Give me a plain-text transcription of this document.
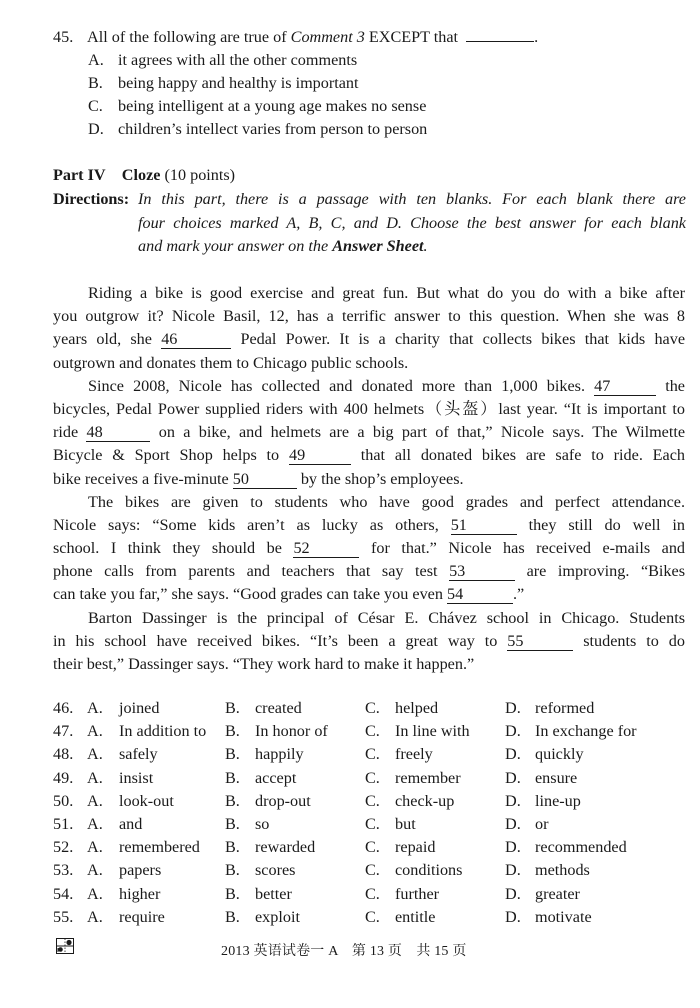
45. All of the following are true of Comment 3 EXCEPT that	.
A. it agrees with all the other comments
B. being happy and healthy is important
C. being intelligent at a young age makes no sense
D. children’s intellect varies from person to person
Part IV Cloze (10 points)
Directions: In this part, there is a passage with ten blanks. For each blank there are
four choices marked A, B, C, and D. Choose the best answer for each blank
and mark your answer on the Answer Sheet.
Riding a bike is good exercise and great fun. But what do you do with a bike after
you outgrow it? Nicole Basil, 12, has a terrific answer to this question. When she was 8
years old, she 46	Pedal Power. It is a charity that collects bikes that kids have
outgrown and donates them to Chicago public schools.
Since 2008, Nicole has collected and donated more than 1,000 bikes. 47	the
bicycles, Pedal Power supplied riders with 400 helmets（头盔）last year. “It is important to
ride 48	on a bike, and helmets are a big part of that,” Nicole says. The Wilmette
Bicycle & Sport Shop helps to 49	that all donated bikes are safe to ride. Each
bike receives a five-minute 50	by the shop’s employees.
The bikes are given to students who have good grades and perfect attendance.
Nicole says: “Some kids aren’t as lucky as others, 51	they still do well in
school. I think they should be 52	for that.” Nicole has received e-mails and
phone calls from parents and teachers that say test 53	are improving. “Bikes
can take you far,” she says. “Good grades can take you even 54	.”
Barton Dassinger is the principal of César E. Chávez school in Chicago. Students
in his school have received bikes. “It’s been a great way to 55	students to do
their best,” Dassinger says. “They work hard to make it happen.”
46. A. joined	B. created	C. helped	D. reformed
47. A. In addition to B. In honor of C. In line with D. In exchange for
48. A. safely	B. happily	C. freely	D. quickly
49. A. insist	B. accept	C. remember	D. ensure
50. A. look-out	B. drop-out	C. check-up	D. line-up
51. A. and	B. so	C. but	D. or
52. A. remembered B. rewarded	C. repaid	D. recommended
53. A. papers	B. scores	C. conditions	D. methods
54. A. higher	B. better	C. further	D. greater
55. A. require	B. exploit	C. entitle	D. motivate
2013 英语试卷一 A　第 13 页　共 15 页
